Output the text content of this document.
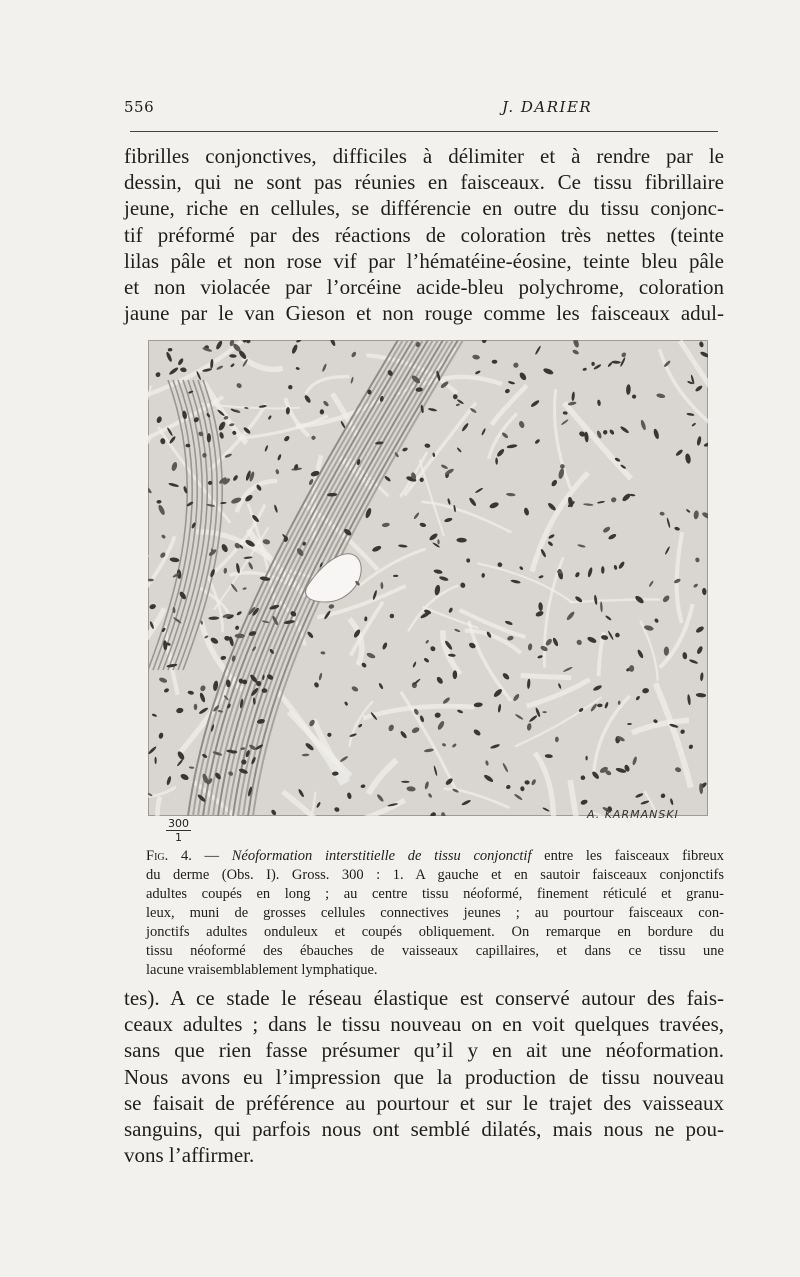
556	J. DARIER
fibrilles conjonctives, difficiles à délimiter et à rendre par le
dessin, qui ne sont pas réunies en faisceaux. Ce tissu fibrillaire
jeune, riche en cellules, se différencie en outre du tissu conjonc-
tif préformé par des réactions de coloration très nettes (teinte
lilas pâle et non rose vif par l’hématéine-éosine, teinte bleu pâle
et non violacée par l’orcéine acide-bleu polychrome, coloration
jaune par le van Gieson et non rouge comme les faisceaux adul-
$\frac{300}{1}$
A. KARMANSKI
Fig. 4. — Néoformation interstitielle de tissu conjonctif entre les faisceaux fibreux
du derme (Obs. I). Gross. 300 : 1. A gauche et en sautoir faisceaux conjonctifs
adultes coupés en long ; au centre tissu néoformé, finement réticulé et granu-
leux, muni de grosses cellules connectives jeunes ; au pourtour faisceaux con-
jonctifs adultes onduleux et coupés obliquement. On remarque en bordure du
tissu néoformé des ébauches de vaisseaux capillaires, et dans ce tissu une
lacune vraisemblablement lymphatique.
tes). A ce stade le réseau élastique est conservé autour des fais-
ceaux adultes ; dans le tissu nouveau on en voit quelques travées,
sans que rien fasse présumer qu’il y en ait une néoformation.
Nous avons eu l’impression que la production de tissu nouveau
se faisait de préférence au pourtour et sur le trajet des vaisseaux
sanguins, qui parfois nous ont semblé dilatés, mais nous ne pou-
vons l’affirmer.
